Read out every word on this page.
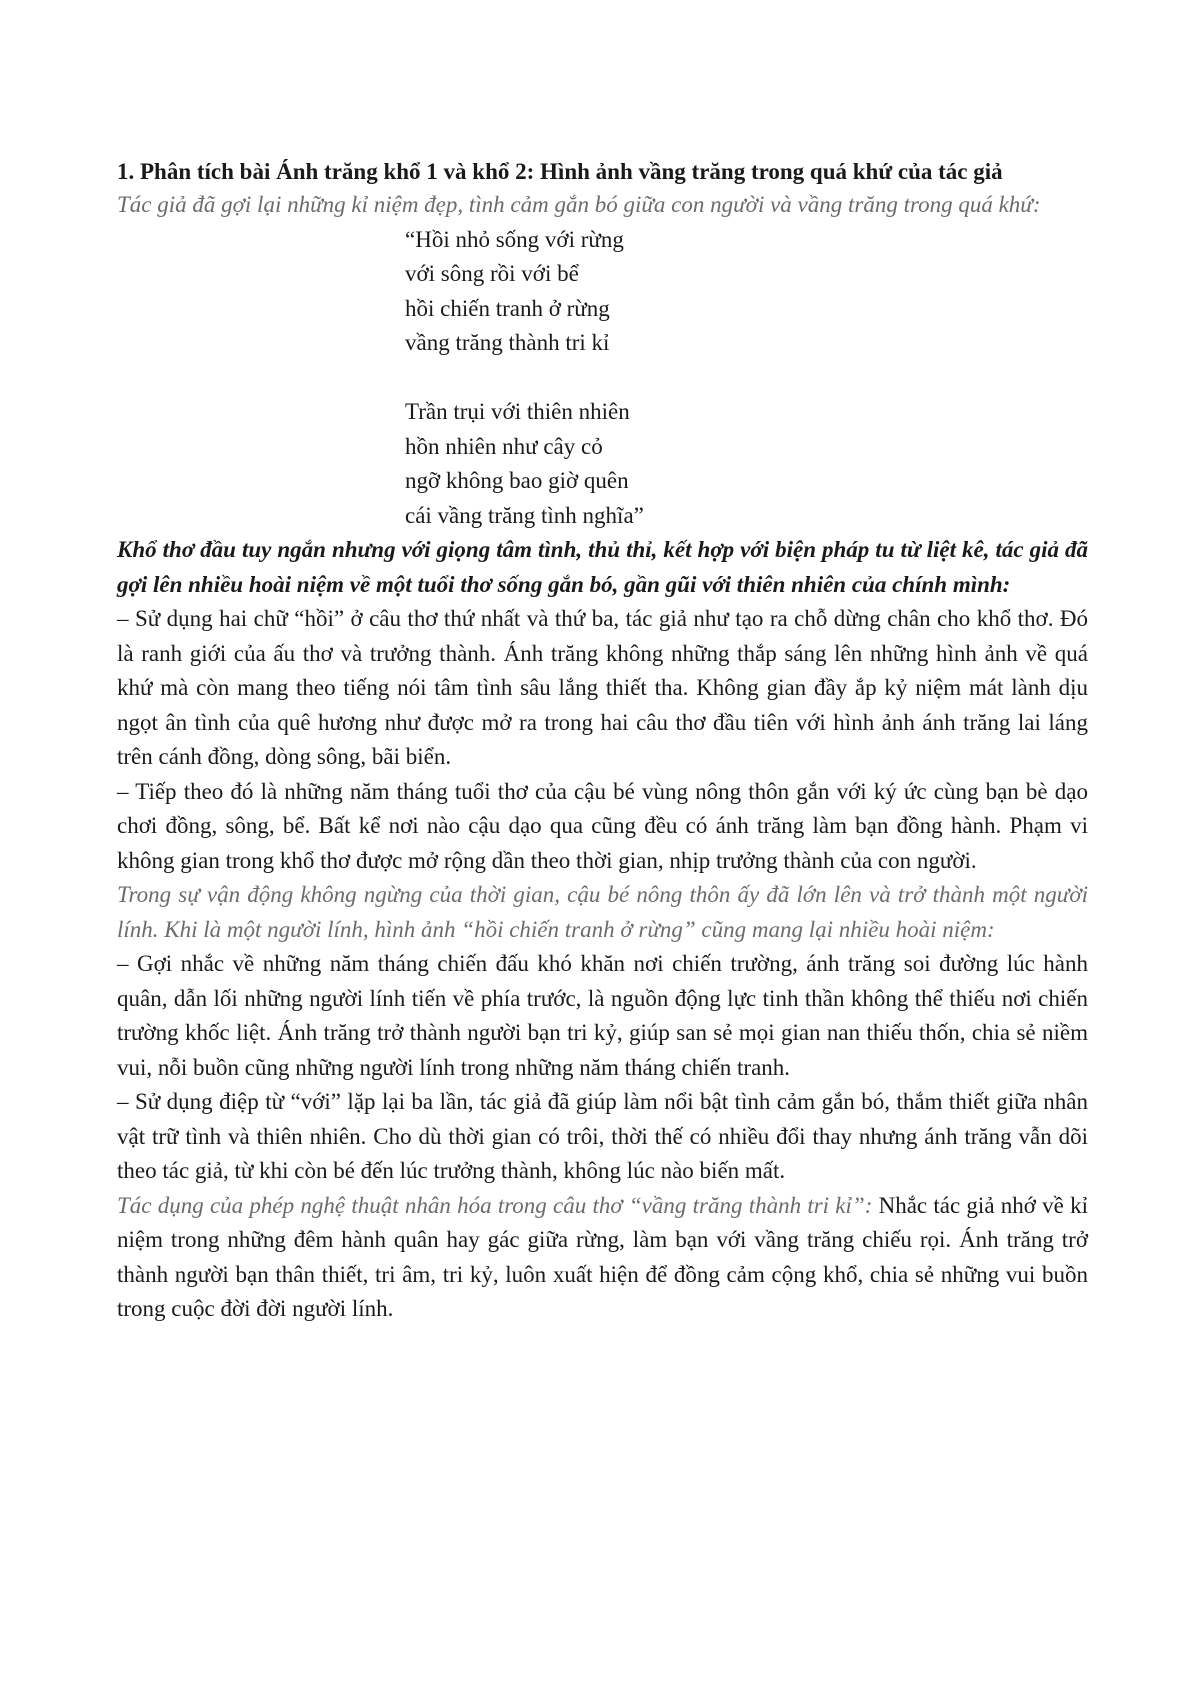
1. Phân tích bài Ánh trăng khổ 1 và khổ 2: Hình ảnh vầng trăng trong quá khứ của tác giả

Tác giả đã gợi lại những kỉ niệm đẹp, tình cảm gắn bó giữa con người và vầng trăng trong quá khứ:

“Hồi nhỏ sống với rừng
với sông rồi với bể
hồi chiến tranh ở rừng
vầng trăng thành tri kỉ
Trần trụi với thiên nhiên
hồn nhiên như cây cỏ
ngỡ không bao giờ quên
cái vầng trăng tình nghĩa”

Khổ thơ đầu tuy ngắn nhưng với giọng tâm tình, thủ thỉ, kết hợp với biện pháp tu từ liệt kê, tác giả đã gợi lên nhiều hoài niệm về một tuổi thơ sống gắn bó, gần gũi với thiên nhiên của chính mình:

– Sử dụng hai chữ “hồi” ở câu thơ thứ nhất và thứ ba, tác giả như tạo ra chỗ dừng chân cho khổ thơ. Đó là ranh giới của ấu thơ và trưởng thành. Ánh trăng không những thắp sáng lên những hình ảnh về quá khứ mà còn mang theo tiếng nói tâm tình sâu lắng thiết tha. Không gian đầy ắp kỷ niệm mát lành dịu ngọt ân tình của quê hương như được mở ra trong hai câu thơ đầu tiên với hình ảnh ánh trăng lai láng trên cánh đồng, dòng sông, bãi biển.

– Tiếp theo đó là những năm tháng tuổi thơ của cậu bé vùng nông thôn gắn với ký ức cùng bạn bè dạo chơi đồng, sông, bể. Bất kể nơi nào cậu dạo qua cũng đều có ánh trăng làm bạn đồng hành. Phạm vi không gian trong khổ thơ được mở rộng dần theo thời gian, nhịp trưởng thành của con người.

Trong sự vận động không ngừng của thời gian, cậu bé nông thôn ấy đã lớn lên và trở thành một người lính. Khi là một người lính, hình ảnh “hồi chiến tranh ở rừng” cũng mang lại nhiều hoài niệm:

– Gợi nhắc về những năm tháng chiến đấu khó khăn nơi chiến trường, ánh trăng soi đường lúc hành quân, dẫn lối những người lính tiến về phía trước, là nguồn động lực tinh thần không thể thiếu nơi chiến trường khốc liệt. Ánh trăng trở thành người bạn tri kỷ, giúp san sẻ mọi gian nan thiếu thốn, chia sẻ niềm vui, nỗi buồn cũng những người lính trong những năm tháng chiến tranh.

– Sử dụng điệp từ “với” lặp lại ba lần, tác giả đã giúp làm nổi bật tình cảm gắn bó, thắm thiết giữa nhân vật trữ tình và thiên nhiên. Cho dù thời gian có trôi, thời thế có nhiều đổi thay nhưng ánh trăng vẫn dõi theo tác giả, từ khi còn bé đến lúc trưởng thành, không lúc nào biến mất.

Tác dụng của phép nghệ thuật nhân hóa trong câu thơ “vầng trăng thành tri kỉ”: Nhắc tác giả nhớ về kỉ niệm trong những đêm hành quân hay gác giữa rừng, làm bạn với vầng trăng chiếu rọi. Ánh trăng trở thành người bạn thân thiết, tri âm, tri kỷ, luôn xuất hiện để đồng cảm cộng khổ, chia sẻ những vui buồn trong cuộc đời đời người lính.
